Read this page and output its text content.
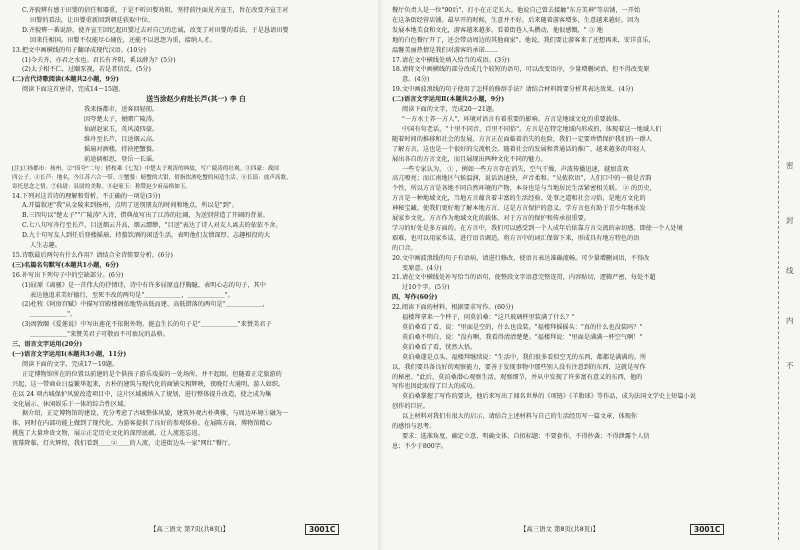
C.齐貌辨有感于田婴的信任和器重，于是不听田婴劝阻，坚持前往面见齐宣王，旨在改变齐宣王对
田婴的看法，让田婴重新回到朝廷获取中位。
D.齐貌辨一番说辞，使齐宣王回忆起田婴过去对自己的忠诚，改变了对田婴的看法，于是恳请田婴
回来任相国。田婴不仅能尽心辅佐，还能不以恩怨为重，接纳人才。
13.把文中画横线的句子翻译成现代汉语。(10分)
(1)今夫齐，亦君之水也。君长有齐阴，奚以薛为？(5分)
(2)太子相不仁，过颐豕视，若是者信反。(5分)
(二)古代诗歌阅读(本题共2小题，9分)
阅读下面这首唐诗，完成14～15题。
送当涂赵少府赴长芦(其一) 李 白
我来扬都市，送客回轻舠。
因夸楚太子，便睹广陵涛。
仙尉赵家玉，英风凌四豪。
维舟至长芦，目送烟云高。
摇扇对酒楼，持袂把蟹螯。
前途倘相思，登岳一长谣。
[注]①扬都市：扬州。②"因夸"二句：借枚乘《七发》中楚太子观涛的典故，写广陵涛的壮观。③四豪：战国
四公子。④长芦：地名，今江苏六合一带。⑤蟹螯：螃蟹的大钳，借指饮酒吃蟹的闲适生活。⑥长谣：放声高歌，
寄托思念之情。⑦仙尉：县尉的美称。⑧赵家玉：称赞赵少府品格如玉。
14.下列对这首诗的理解和赏析，不正确的一项是(3分)
A.开篇叙述"我"从金陵来到扬州，点明了送别朋友的时间和地点，所以是"到"。
B.三四句以"楚太子""广陵涛"入诗，借典故写出了江涛的壮阔，为送别营造了开阔的背景。
C.七八句写舟行至长芦，目送烟云升高，烟云缥缈，"目送"表达了诗人对友人离去的依依不舍。
D.九十句写友人到任后登楼摇扇、持螯饮酒的闲适生活，表明他们友情深厚、志趣相投的大
人生志趣。
15.诗歌最后两句有什么作用？请结合全诗简要分析。(6分)
(三)名篇名句默写(本题共1小题，6分)
16.补写出下列句子中的空缺部分。(6分)
(1)屈原《离骚》是一首伟大的抒情诗，诗中有许多屈原直抒胸臆，表明心志的句子，其中
表达他追求美好德行，至死不改的两句是"＿＿＿＿＿＿，＿＿＿＿＿＿"。
(2)杜牧《阿房宫赋》中描写宫殿楼阁依地势高低而建、高低错落的两句是"＿＿＿＿＿＿，
＿＿＿＿＿＿"。
(3)周敦颐《爱莲说》中写出莲花不依附外物、挺直生长的句子是"＿＿＿＿＿＿"来赞美君子
＿＿＿＿＿＿"来赞美君子可敬而不可亵玩的品格。
三、语言文字运用(20分)
(一)语言文字运用Ⅰ(本题共3小题，11分)
阅读下面的文字，完成17～19题。
正定博物馆所在的位置以前建的是个供孩子游乐戏耍的一处场所，并不起眼，但随着正定旅游的
兴起，这一带商业日益繁华起来，古朴的建筑与现代化的商铺交相辉映，夜晚灯火通明，游人如织。
在以 24 项古城保护风貌改造项目中，这片区域被纳入了规划，进行整体提升改造，使之成为集
文化展示、休闲娱乐于一体的综合性区域。
据介绍，正定博物馆的建设，充分考虑了古城整体风貌，建筑外观古朴典雅，与周边环境①融为一
体，同时在内部功能上做到了现代化，为游客提供了良好的参观体验。在展陈方面，博物馆精心
挑选了大量珍贵文物，展示正定历史文化的深厚底蕴，让人流连忘返。
夜幕降临，灯火辉煌，我们看到＿＿②＿＿的人流，走进街边头一家"网红"餐厅。
餐厅负责人是一位"90后"，打小在正定长大。他说自己曾去接触"东方美神"等店铺，一开始
在这条街经营店铺。最早开的时候，生意并不好，后来随着游客增多，生意越来越好。因为
发展本地美食和文化，游客越来越多。看着街巷人头攒动，他很感慨，" ③ 地
地的白色餐厅开了，还会带动周边的其他商家"。他说，我们要让游客来了还想再来，安详喜乐，
温馨美丽热情是我们对游客的承诺……
17.请在文中横线处填入恰当的成语。(3分)
18.请将文中画横线的部分改成几个较短的语句，可以改变语序，少量增删词语，但不得改变原
意。(4分)
19.文中画波浪线的句子使用了怎样的修辞手法？请结合材料简要分析其表达效果。(4分)
(二)语言文字运用Ⅱ(本题共2小题，9分)
阅读下面的文字，完成20～21题。
"一方水土养一方人"，环境对语言有着重要的影响。方言是地域文化的重要载体。
中国有句老话，"十里不同音，百里不同俗"。方言是在特定地域内形成的，体现着这一地域人们
随着时间的推移和社会的发展，方言正在面临着消失的危险，我们一定要珍惜保护我们的一群人
了解方言，这也是一个很好的交流机会。随着社会的发展和普通话的推广，越来越多的年轻人
展出各自的方言文化，而且展现出两种文化不同的魅力。
一些专家认为， ① ，例如一些方言存在消失，空气干燥，声波传播迅速，越加喜欢
高亢嘹亮；而江南地区气候温润，说话语速快，声音柔和。"吴侬软语"，人们口中的一般是音韵
个性，所以方言是各地不同自然环境的产物，本身也是与当地居民生活紧密相关联。 ② 的历史，
方言是一种地域文化，当地方言蕴含着丰富的生活经验、处事之道和社会习俗，是地方文化的
神秘宝藏。使我们更好地了解本地方言，这是方言保护的意义。学方言也有助于青少年继承发
展家乡文化。方言作为地域文化的载体，对于方言的保护和传承很重要。
学习的好处是多方面的。在方言中，我们可以感受到一个人成年后依靠方言交流的亲切感。即使一个人处境
艰难，也可以用家乡话，进行语音调适，将方言中的词汇保留下来，形成具有地方特色的语
的口音。
20.文中画波浪线的句子有语病，请进行修改，使语言表达准确流畅。可少量增删词语，不得改
变原意。(4分)
21.请在文中横线处补写恰当的语句，使整段文字语意完整连贯，内容贴切，逻辑严密，每处不超
过10个字。(5分)
四、写作(60分)
22.阅读下面的材料，根据要求写作。(60分)
福楼拜拿来一个杯子，问莫泊桑："这只玻璃杯里装满了什么？"
莫泊桑看了看，说："里面是空的，什么也没装。"福楼拜摇摇头："真的什么也没装吗？"
莫泊桑不明白，说："没有啊，我看得清清楚楚。"福楼拜说："里面是满满一杯空气啊！"
莫泊桑看了看，恍然大悟。
莫泊桑遂是点头，福楼拜继续说："生活中，我们很多看似空无的东西，都都是满满的。所
以，我们要具备良好的观察能力，要善于发现事物中那些别人没有注意到的东西，这就是写作
的秘密。"此后，莫泊桑潜心观察生活，观察细节，并从中发现了许多富有意义的东西，他的
写作也因此取得了巨大的成功。
莫泊桑掌握了写作的要诀，他后来写出了闻名世界的《项链》《羊脂球》等作品，成为法国文学史上短篇小说
创作的巨匠。
以上材料对我们有很大的启示，请结合上述材料与自己的生活经历写一篇文章，体现你
的感悟与思考。
要求：选准角度，确定立意，明确文体，自拟标题；不要套作，不得抄袭；不得泄露个人信
息；不少于800字。
【高三语文 第7页(共8页)】	3001C	【高三语文 第8页(共8页)】	3001C
密
封
线
内
不
